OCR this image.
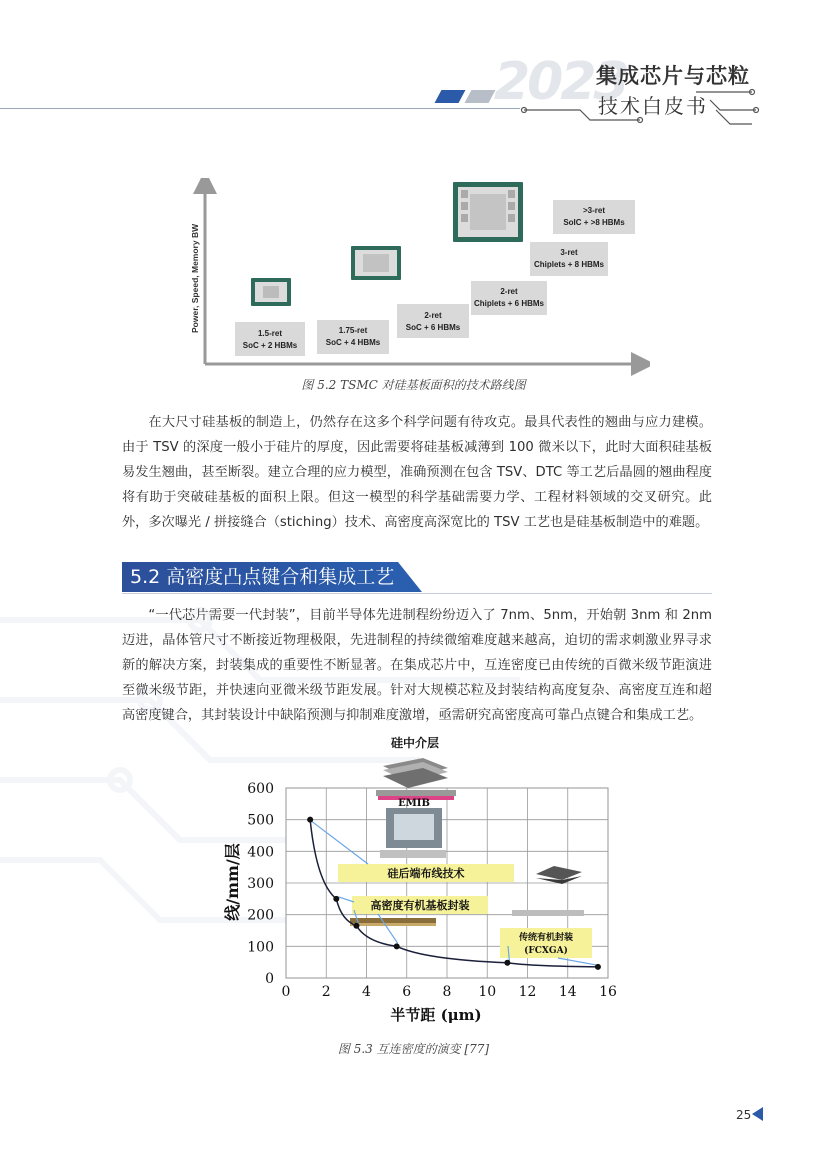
2023
集成芯片与芯粒
技术白皮书
Power, Speed, Memory BW
1.5-ret
SoC + 2 HBMs
1.75-ret
SoC + 4 HBMs
2-ret
SoC + 6 HBMs
2-ret
Chiplets + 6 HBMs
3-ret
Chiplets + 8 HBMs
>3-ret
SoIC + >8 HBMs
图 5.2 TSMC 对硅基板面积的技术路线图

在大尺寸硅基板的制造上，仍然存在这多个科学问题有待攻克。最具代表性的翘曲与应力建模。由于 TSV 的深度一般小于硅片的厚度，因此需要将硅基板减薄到 100 微米以下，此时大面积硅基板易发生翘曲，甚至断裂。建立合理的应力模型，准确预测在包含 TSV、DTC 等工艺后晶圆的翘曲程度将有助于突破硅基板的面积上限。但这一模型的科学基础需要力学、工程材料领域的交叉研究。此外，多次曝光 / 拼接缝合（stiching）技术、高密度高深宽比的 TSV 工艺也是硅基板制造中的难题。

5.2 高密度凸点键合和集成工艺

“一代芯片需要一代封装”，目前半导体先进制程纷纷迈入了 7nm、5nm，开始朝 3nm 和 2nm 迈进，晶体管尺寸不断接近物理极限，先进制程的持续微缩难度越来越高，迫切的需求刺激业界寻求新的解决方案，封装集成的重要性不断显著。在集成芯片中，互连密度已由传统的百微米级节距演进至微米级节距，并快速向亚微米级节距发展。针对大规模芯粒及封装结构高度复杂、高密度互连和超高密度键合，其封装设计中缺陷预测与抑制难度激增，亟需研究高密度高可靠凸点键合和集成工艺。

0 2 4 6 8 10 12 14 16
0
100
200
300
400
500
600
硅中介层
EMIB
硅后端布线技术
高密度有机基板封装
传统有机封装
(FCXGA)
半节距 (μm)
线/mm/层
图 5.3 互连密度的演变 [77]
25
